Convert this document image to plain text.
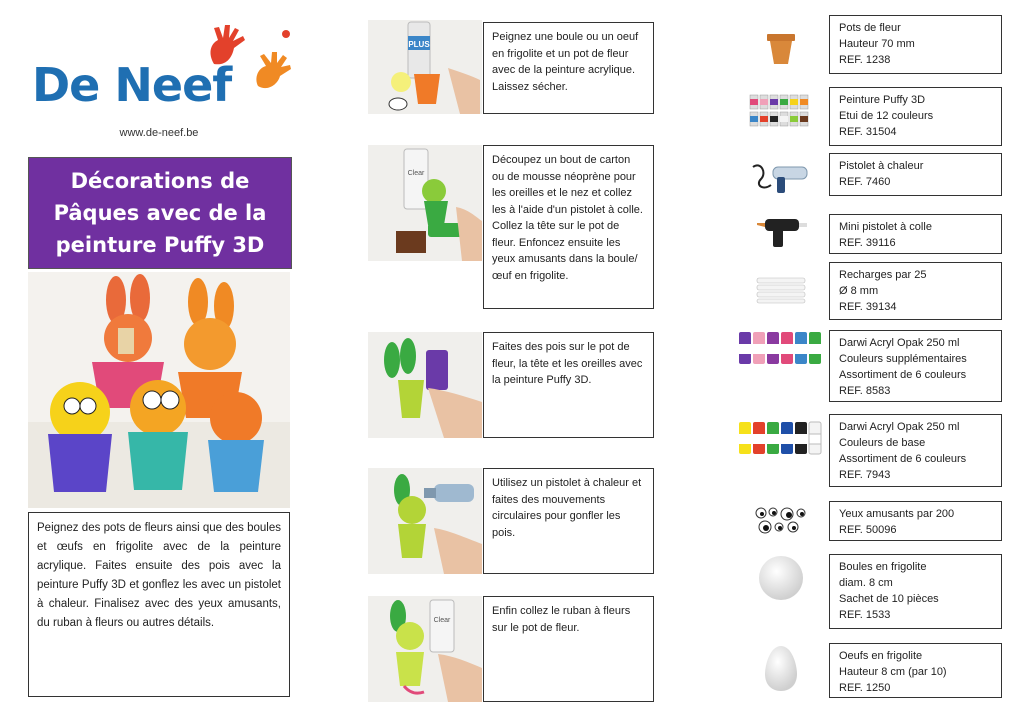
De Neef
www.de-neef.be
Décorations de Pâques avec de la peinture Puffy 3D
Peignez des pots de fleurs ainsi que des boules et œufs en frigolite avec de la peinture acrylique. Faites ensuite des pois avec la peinture Puffy 3D et gonflez les avec un pistolet à chaleur. Finalisez avec des yeux amusants, du ruban à fleurs ou autres détails.
PLUS
Peignez une boule ou un oeuf en frigolite et un pot de fleur avec de la peinture acrylique. Laissez sécher.
Clear
Découpez un bout de carton ou de mousse néoprène pour les oreilles et le nez et collez les à l'aide d'un pistolet à colle. Collez la tête sur le pot de fleur. Enfoncez ensuite les yeux amusants dans la boule/œuf en frigolite.
Faites des pois sur le pot de fleur, la tête et les oreilles avec la peinture Puffy 3D.
Utilisez un pistolet à chaleur et faites des mouvements circulaires pour gonfler les pois.
Clear
Enfin collez le ruban à fleurs sur le pot de fleur.
Pots de fleur
Hauteur 70 mm
REF. 1238
Peinture Puffy 3D
Etui de 12 couleurs
REF. 31504
Pistolet à chaleur
REF. 7460
Mini pistolet à colle
REF. 39116
Recharges par 25
Ø 8 mm
REF. 39134
Darwi Acryl Opak 250 ml
Couleurs supplémentaires
Assortiment de 6 couleurs
REF. 8583
Darwi Acryl Opak 250 ml
Couleurs de base
Assortiment de 6 couleurs
REF. 7943
Yeux amusants par 200
REF. 50096
Boules en frigolite
diam. 8 cm
Sachet de 10 pièces
REF. 1533
Oeufs en frigolite
Hauteur 8 cm (par 10)
REF. 1250
